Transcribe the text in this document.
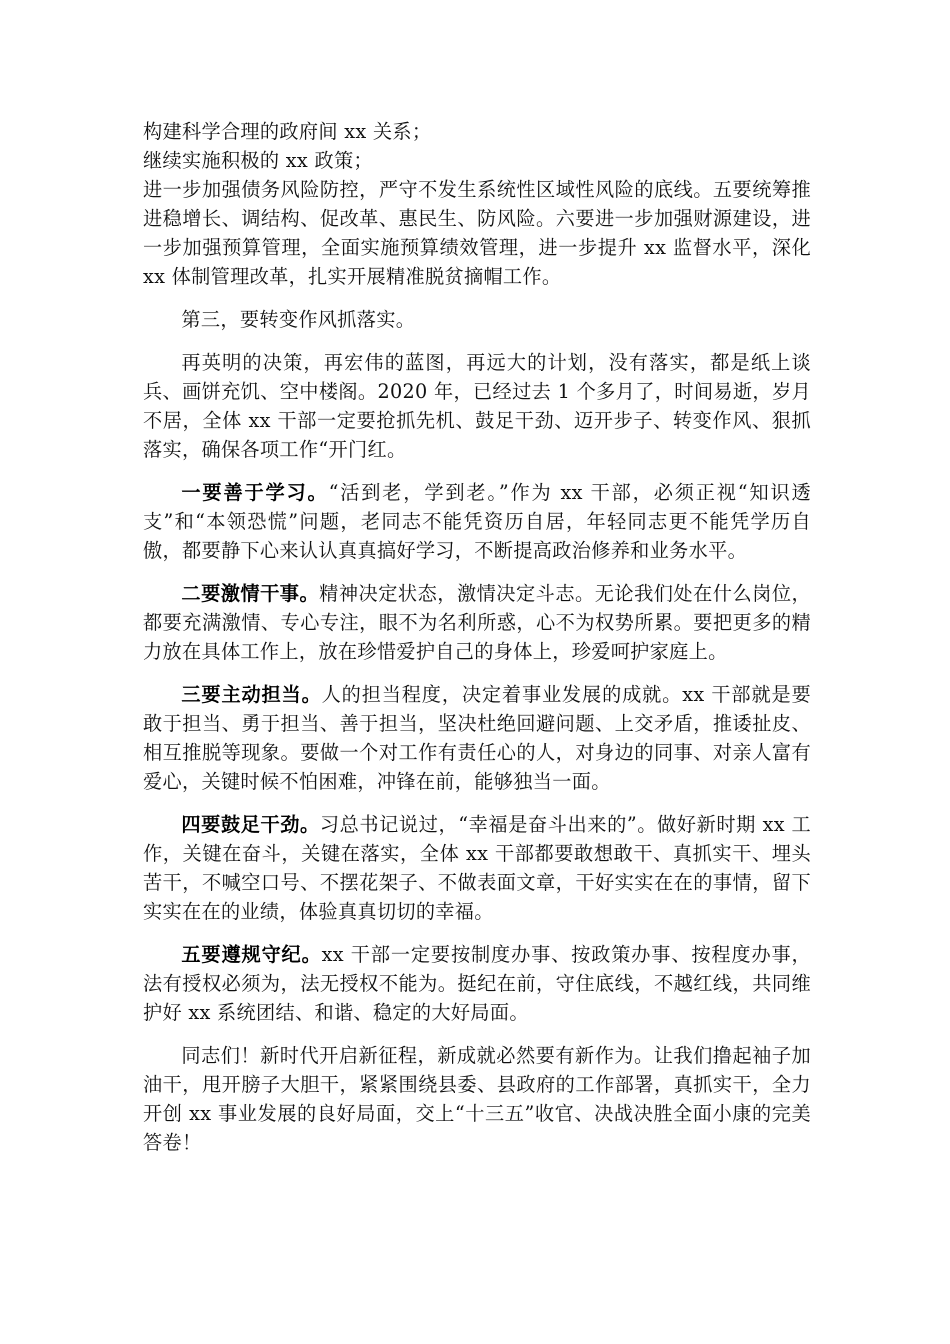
构建科学合理的政府间 xx 关系；

继续实施积极的 xx 政策；

进一步加强债务风险防控，严守不发生系统性区域性风险的底线。五要统筹推进稳增长、调结构、促改革、惠民生、防风险。六要进一步加强财源建设，进一步加强预算管理，全面实施预算绩效管理，进一步提升 xx 监督水平，深化 xx 体制管理改革，扎实开展精准脱贫摘帽工作。

第三，要转变作风抓落实。

再英明的决策，再宏伟的蓝图，再远大的计划，没有落实，都是纸上谈兵、画饼充饥、空中楼阁。2020 年，已经过去 1 个多月了，时间易逝，岁月不居，全体 xx 干部一定要抢抓先机、鼓足干劲、迈开步子、转变作风、狠抓落实，确保各项工作“开门红。

一要善于学习。“活到老，学到老。”作为 xx 干部，必须正视“知识透支”和“本领恐慌”问题，老同志不能凭资历自居，年轻同志更不能凭学历自傲，都要静下心来认认真真搞好学习，不断提高政治修养和业务水平。

二要激情干事。精神决定状态，激情决定斗志。无论我们处在什么岗位，都要充满激情、专心专注，眼不为名利所惑，心不为权势所累。要把更多的精力放在具体工作上，放在珍惜爱护自己的身体上，珍爱呵护家庭上。

三要主动担当。人的担当程度，决定着事业发展的成就。xx 干部就是要敢于担当、勇于担当、善于担当，坚决杜绝回避问题、上交矛盾，推诿扯皮、相互推脱等现象。要做一个对工作有责任心的人，对身边的同事、对亲人富有爱心，关键时候不怕困难，冲锋在前，能够独当一面。

四要鼓足干劲。习总书记说过，“幸福是奋斗出来的”。做好新时期 xx 工作，关键在奋斗，关键在落实，全体 xx 干部都要敢想敢干、真抓实干、埋头苦干，不喊空口号、不摆花架子、不做表面文章，干好实实在在的事情，留下实实在在的业绩，体验真真切切的幸福。

五要遵规守纪。xx 干部一定要按制度办事、按政策办事、按程度办事，法有授权必须为，法无授权不能为。挺纪在前，守住底线，不越红线，共同维护好 xx 系统团结、和谐、稳定的大好局面。

同志们！新时代开启新征程，新成就必然要有新作为。让我们撸起袖子加油干，甩开膀子大胆干，紧紧围绕县委、县政府的工作部署，真抓实干，全力开创 xx 事业发展的良好局面，交上“十三五”收官、决战决胜全面小康的完美答卷！
